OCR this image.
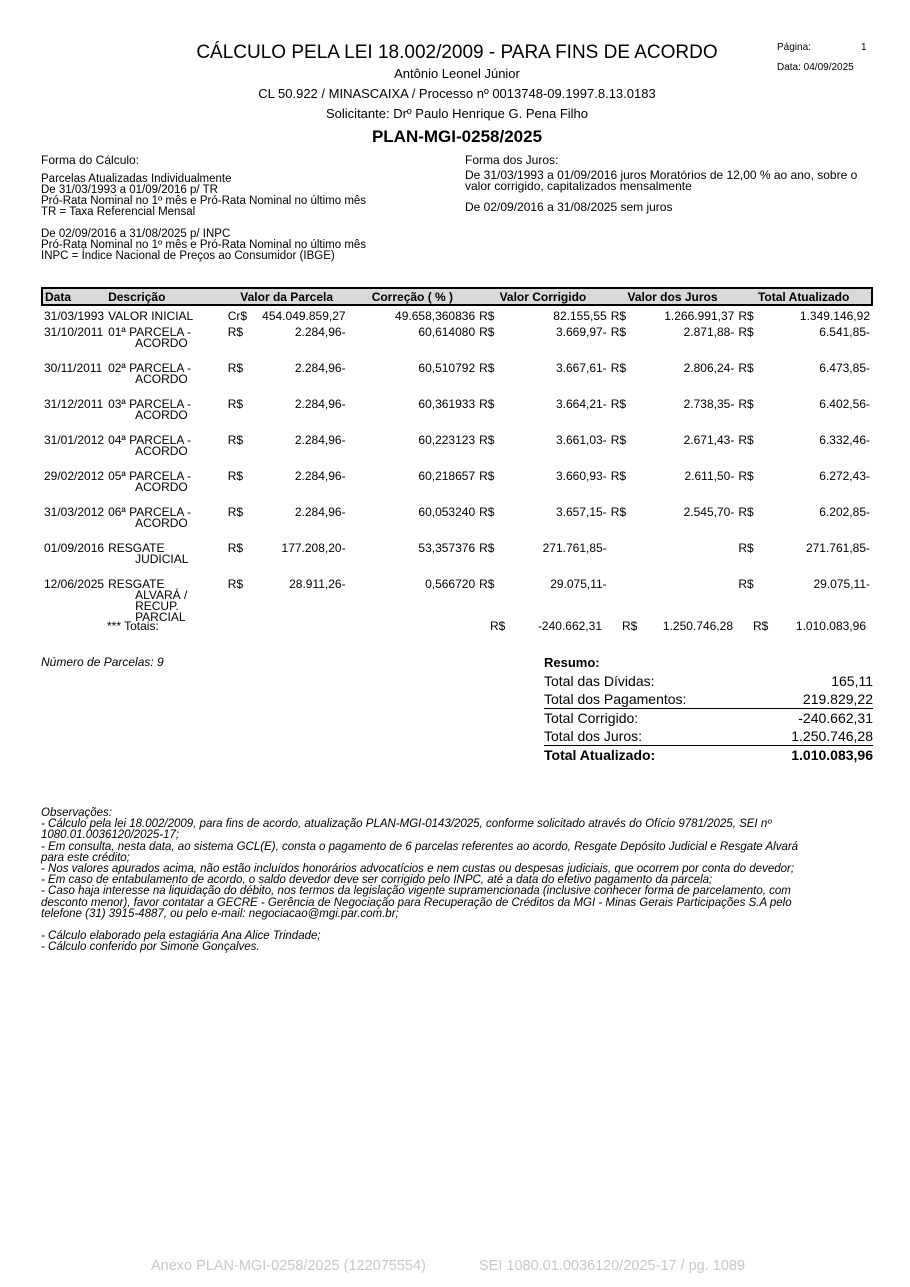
CÁLCULO PELA LEI 18.002/2009 - PARA FINS DE ACORDO
Antônio Leonel Júnior
CL 50.922 / MINASCAIXA / Processo nº 0013748-09.1997.8.13.0183
Solicitante: Drº Paulo Henrique G. Pena Filho
PLAN-MGI-0258/2025
Página:	1
Data: 04/09/2025
Forma do Cálculo:
Parcelas Atualizadas Individualmente
De 31/03/1993 a 01/09/2016 p/ TR
Pró-Rata Nominal no 1º mês e Pró-Rata Nominal no último mês
TR = Taxa Referencial Mensal
De 02/09/2016 a 31/08/2025 p/ INPC
Pró-Rata Nominal no 1º mês e Pró-Rata Nominal no último mês
INPC = Índice Nacional de Preços ao Consumidor (IBGE)
Forma dos Juros:
De 31/03/1993 a 01/09/2016 juros Moratórios de 12,00 % ao ano, sobre o
valor corrigido, capitalizados mensalmente
De 02/09/2016 a 31/08/2025 sem juros
Data	Descrição	Valor da Parcela		Correção ( % )	Valor Corrigido		Valor dos Juros		Total Atualizado	
31/03/1993	VALOR INICIAL	Cr$	454.049.859,27	49.658,360836	R$	82.155,55	R$	1.266.991,37	R$	1.349.146,92
31/10/2011	01ª PARCELA -
ACORDO	R$	2.284,96-	60,614080	R$	3.669,97-	R$	2.871,88-	R$	6.541,85-
30/11/2011	02ª PARCELA -
ACORDO	R$	2.284,96-	60,510792	R$	3.667,61-	R$	2.806,24-	R$	6.473,85-
31/12/2011	03ª PARCELA -
ACORDO	R$	2.284,96-	60,361933	R$	3.664,21-	R$	2.738,35-	R$	6.402,56-
31/01/2012	04ª PARCELA -
ACORDO	R$	2.284,96-	60,223123	R$	3.661,03-	R$	2.671,43-	R$	6.332,46-
29/02/2012	05ª PARCELA -
ACORDO	R$	2.284,96-	60,218657	R$	3.660,93-	R$	2.611,50-	R$	6.272,43-
31/03/2012	06ª PARCELA -
ACORDO	R$	2.284,96-	60,053240	R$	3.657,15-	R$	2.545,70-	R$	6.202,85-
01/09/2016	RESGATE
JUDICIAL	R$	177.208,20-	53,357376	R$	271.761,85-			R$	271.761,85-
12/06/2025	RESGATE
ALVARÁ / RECUP.
PARCIAL	R$	28.911,26-	0,566720	R$	29.075,11-			R$	29.075,11-
*** Totais:	R$	-240.662,31 R$	1.250.746,28 R$	1.010.083,96
Número de Parcelas: 9	Resumo:
Total das Dívidas:	165,11
Total dos Pagamentos:	219.829,22
Total Corrigido:	-240.662,31
Total dos Juros:	1.250.746,28
Total Atualizado:	1.010.083,96
Observações:
- Cálculo pela lei 18.002/2009, para fins de acordo, atualização PLAN-MGI-0143/2025, conforme solicitado através do Ofício 9781/2025, SEI nº
1080.01.0036120/2025-17;
- Em consulta, nesta data, ao sistema GCL(E), consta o pagamento de 6 parcelas referentes ao acordo, Resgate Depósito Judicial e Resgate Alvará
para este crédito;
- Nos valores apurados acima, não estão incluídos honorários advocatícios e nem custas ou despesas judiciais, que ocorrem por conta do devedor;
- Em caso de entabulamento de acordo, o saldo devedor deve ser corrigido pelo INPC, até a data do efetivo pagamento da parcela;
- Caso haja interesse na liquidação do débito, nos termos da legislação vigente supramencionada (inclusive conhecer forma de parcelamento, com
desconto menor), favor contatar a GECRE - Gerência de Negociação para Recuperação de Créditos da MGI - Minas Gerais Participações S.A pelo
telefone (31) 3915-4887, ou pelo e-mail: negociacao@mgi.par.com.br;
- Cálculo elaborado pela estagiária Ana Alice Trindade;
- Cálculo conferido por Simone Gonçalves.
Anexo PLAN-MGI-0258/2025 (122075554)	SEI 1080.01.0036120/2025-17 / pg. 1089
